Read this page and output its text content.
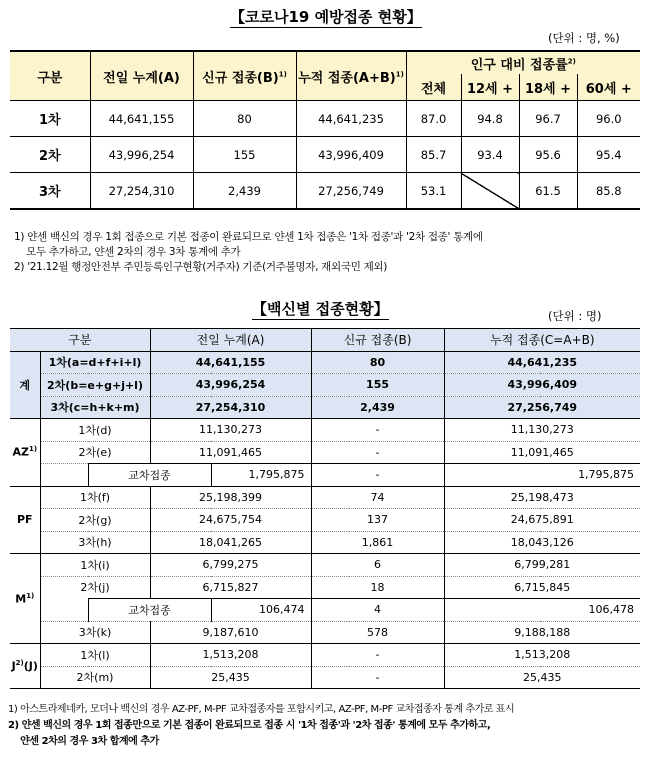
【코로나19 예방접종 현황】
(단위 : 명, %)
구분	전일 누계(A)	신규 접종$(B)^{1)}$	누적 접종$(A+B)^{1)}$	인구 대비 접종률$^{2)}$
				전체	12세 +	18세 +	60세 +
1차	44,641,155	80	44,641,235	87.0	94.8	96.7	96.0
2차	43,996,254	155	43,996,409	85.7	93.4	95.6	95.4
3차	27,254,310	2,439	27,256,749	53.1		61.5	85.8
1) 얀센 백신의 경우 1회 접종으로 기본 접종이 완료되므로 얀센 1차 접종은 '1차 접종'과 '2차 접종' 통계에
모두 추가하고, 얀센 2차의 경우 3차 통계에 추가
2) '21.12월 행정안전부 주민등록인구현황(거주자) 기준(거주불명자, 재외국민 제외)
【백신별 접종현황】	(단위 : 명)
구분			전일 누계(A)		신규 접종(B)	누적 접종(C=A+B)	
계	1차(a=d+f+i+l)		44,641,155		80	44,641,235	
	2차(b=e+g+j+l)		43,996,254		155	43,996,409	
	3차(c=h+k+m)		27,254,310		2,439	27,256,749	
AZ$^{1)}$	1차(d)		11,130,273		-	11,130,273	
	2차(e)		11,091,465		-	11,091,465	
		교차접종		1,795,875	-		1,795,875
PF	1차(f)		25,198,399		74	25,198,473	
	2차(g)		24,675,754		137	24,675,891	
	3차(h)		18,041,265		1,861	18,043,126	
$M^{1)}$	1차(i)		6,799,275		6	6,799,281	
	2차(j)		6,715,827		18	6,715,845	
		교차접종		106,474	4		106,478
	3차(k)		9,187,610		578	9,188,188	
$J^{2)}(J)$	1차(l)		1,513,208		-	1,513,208	
	2차(m)		25,435		-	25,435	
1) 아스트라제네카, 모더나 백신의 경우 AZ-PF, M-PF 교차접종자를 포함시키고, AZ-PF, M-PF 교차접종자 통계 추가로 표시
2) 얀센 백신의 경우 1회 접종만으로 기본 접종이 완료되므로 접종 시 '1차 접종'과 '2차 접종' 통계에 모두 추가하고,
얀센 2차의 경우 3차 합계에 추가
